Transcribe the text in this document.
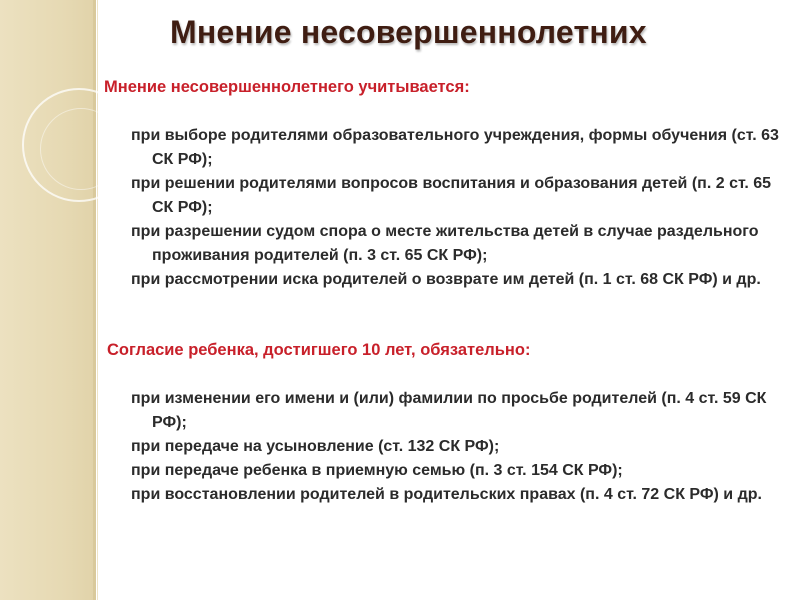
Мнение несовершеннолетних
Мнение несовершеннолетнего учитывается:
при выборе родителями образовательного учреждения, формы обучения (ст. 63 СК РФ);
при решении родителями вопросов воспитания и образования детей (п. 2 ст. 65 СК РФ);
при разрешении судом спора о месте жительства детей в случае раздельного проживания родителей (п. 3 ст. 65 СК РФ);
при рассмотрении иска родителей о возврате им детей (п. 1 ст. 68 СК РФ) и др.
Согласие ребенка, достигшего 10 лет, обязательно:
при изменении его имени и (или) фамилии по просьбе родителей (п. 4 ст. 59 СК РФ);
при передаче на усыновление (ст. 132 СК РФ);
при передаче ребенка в приемную семью (п. 3 ст. 154 СК РФ);
при восстановлении родителей в родительских правах (п. 4 ст. 72 СК РФ) и др.
